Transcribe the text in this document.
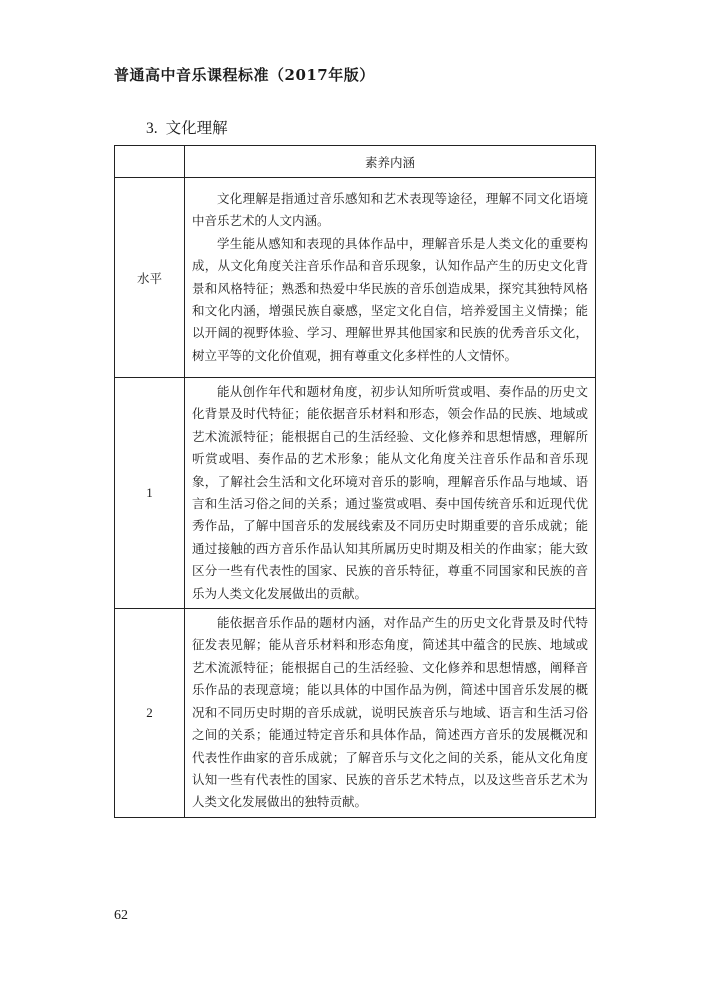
普通高中音乐课程标准（2017年版）
3. 文化理解
	素养内涵
水平	文化理解是指通过音乐感知和艺术表现等途径，理解不同文化语境中音乐艺术的人文内涵。

学生能从感知和表现的具体作品中，理解音乐是人类文化的重要构成，从文化角度关注音乐作品和音乐现象，认知作品产生的历史文化背景和风格特征；熟悉和热爱中华民族的音乐创造成果，探究其独特风格和文化内涵，增强民族自豪感，坚定文化自信，培养爱国主义情操；能以开阔的视野体验、学习、理解世界其他国家和民族的优秀音乐文化，树立平等的文化价值观，拥有尊重文化多样性的人文情怀。

1	能从创作年代和题材角度，初步认知所听赏或唱、奏作品的历史文化背景及时代特征；能依据音乐材料和形态，领会作品的民族、地域或艺术流派特征；能根据自己的生活经验、文化修养和思想情感，理解所听赏或唱、奏作品的艺术形象；能从文化角度关注音乐作品和音乐现象，了解社会生活和文化环境对音乐的影响，理解音乐作品与地域、语言和生活习俗之间的关系；通过鉴赏或唱、奏中国传统音乐和近现代优秀作品，了解中国音乐的发展线索及不同历史时期重要的音乐成就；能通过接触的西方音乐作品认知其所属历史时期及相关的作曲家；能大致区分一些有代表性的国家、民族的音乐特征，尊重不同国家和民族的音乐为人类文化发展做出的贡献。

2	能依据音乐作品的题材内涵，对作品产生的历史文化背景及时代特征发表见解；能从音乐材料和形态角度，简述其中蕴含的民族、地域或艺术流派特征；能根据自己的生活经验、文化修养和思想情感，阐释音乐作品的表现意境；能以具体的中国作品为例，简述中国音乐发展的概况和不同历史时期的音乐成就，说明民族音乐与地域、语言和生活习俗之间的关系；能通过特定音乐和具体作品，简述西方音乐的发展概况和代表性作曲家的音乐成就；了解音乐与文化之间的关系，能从文化角度认知一些有代表性的国家、民族的音乐艺术特点，以及这些音乐艺术为人类文化发展做出的独特贡献。

62
